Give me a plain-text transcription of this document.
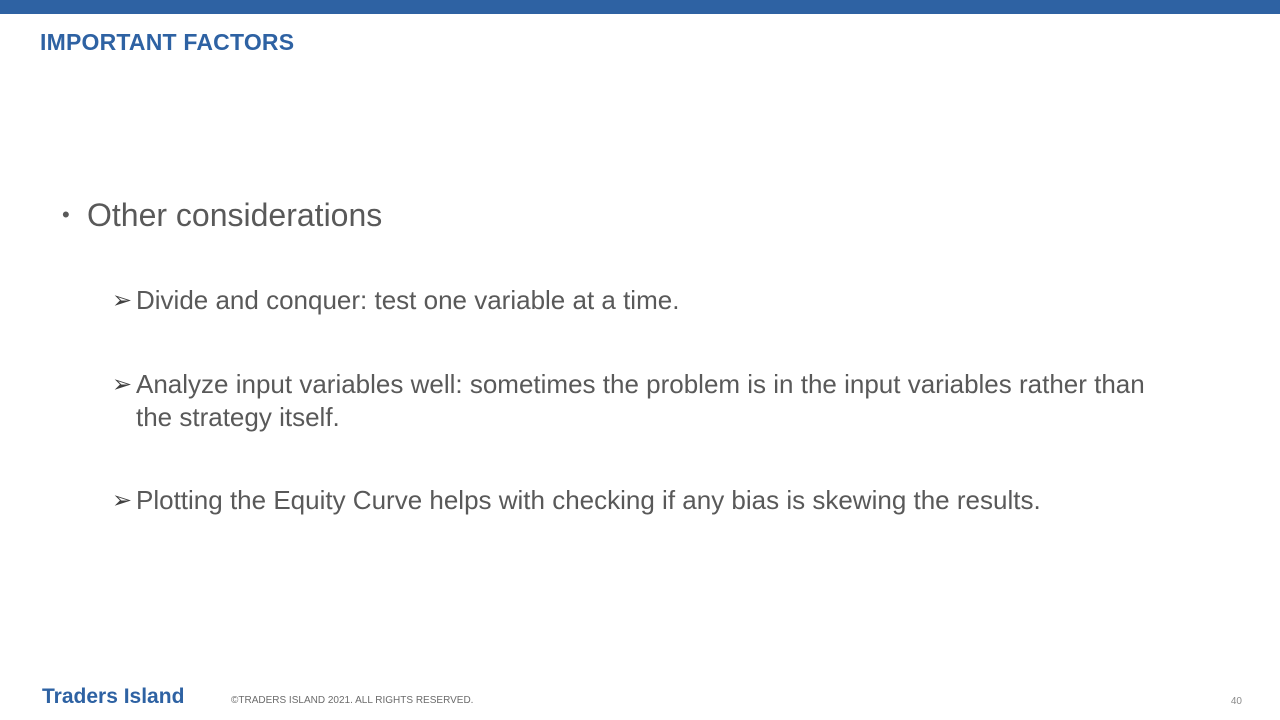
IMPORTANT FACTORS
• Other considerations
➢ Divide and conquer: test one variable at a time.
➢ Analyze input variables well: sometimes the problem is in the input variables rather than the strategy itself.
➢ Plotting the Equity Curve helps with checking if any bias is skewing the results.
Traders Island	©TRADERS ISLAND 2021. ALL RIGHTS RESERVED.	40
